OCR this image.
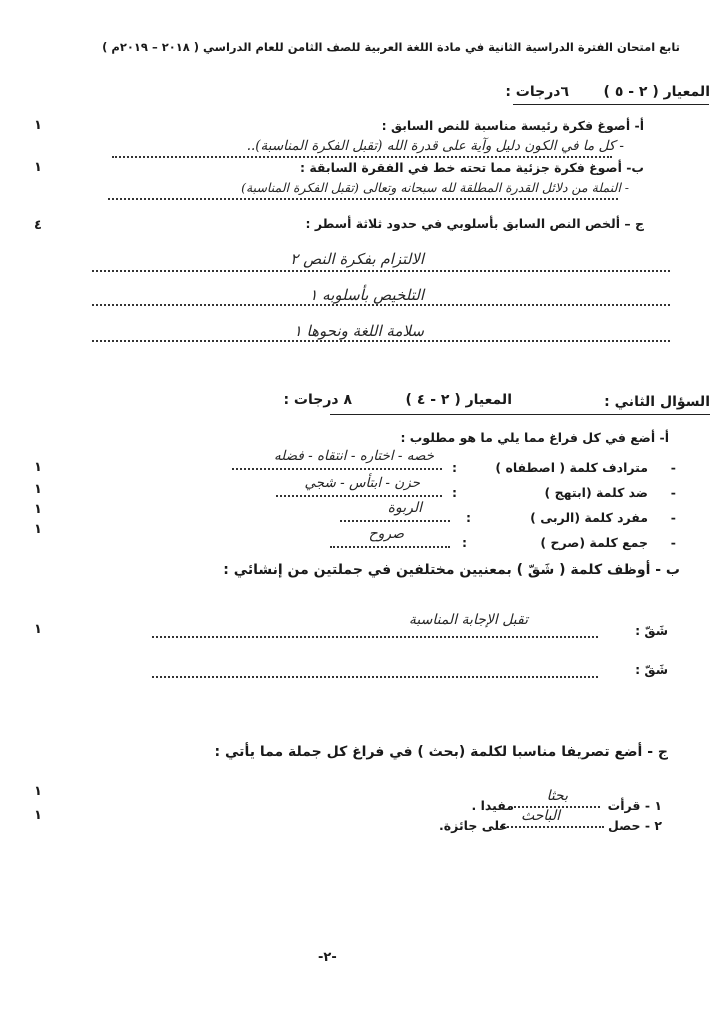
تابع امتحان الفترة الدراسية الثانية في مادة اللغة العربية للصف الثامن للعام الدراسي ( ٢٠١٨ – ٢٠١٩م )
المعيار ( ٢ - ٥ )
٦درجات :
أ- أصوغ فكرة رئيسة مناسبة للنص السابق :
- كل ما في الكون دليل وآية على قدرة الله (تقبل الفكرة المناسبة)..
١
ب- أصوغ فكرة جزئية مما تحته خط في الفقرة السابقة :
- النملة من دلائل القدرة المطلقة لله سبحانه وتعالى (تقبل الفكرة المناسبة)
١
ج – ألخص النص السابق بأسلوبي في حدود ثلاثة أسطر :
٤
الالتزام بفكرة النص ٢
التلخيص بأسلوبه ١
سلامة اللغة ونحوها ١
السؤال الثاني :
المعيار ( ٢ - ٤ )
٨ درجات :
أ- أضع في كل فراغ مما يلي ما هو مطلوب :
-
مترادف كلمة ( اصطفاه )
:
خصه - اختاره - انتقاه - فضله
١
-
ضد كلمة (ابتهج )
:
حزن - ابتأس - شجي
١
-
مفرد كلمة (الربى )
:
الربوة
١
-
جمع كلمة (صرح )
:
صروح
١
ب - أوظف كلمة ( شَقّ ) بمعنيين مختلفين في جملتين من إنشائي :
شَقّ :
تقبل الإجابة المناسبة
١
شَقّ :
ج - أضع تصريفا مناسبا لكلمة (بحث ) في فراغ كل جملة مما يأتي :
١ - قرأت
بحثا
مفيدا .
١
٢ - حصل
الباحث
على جائزة.
١
-٢-
